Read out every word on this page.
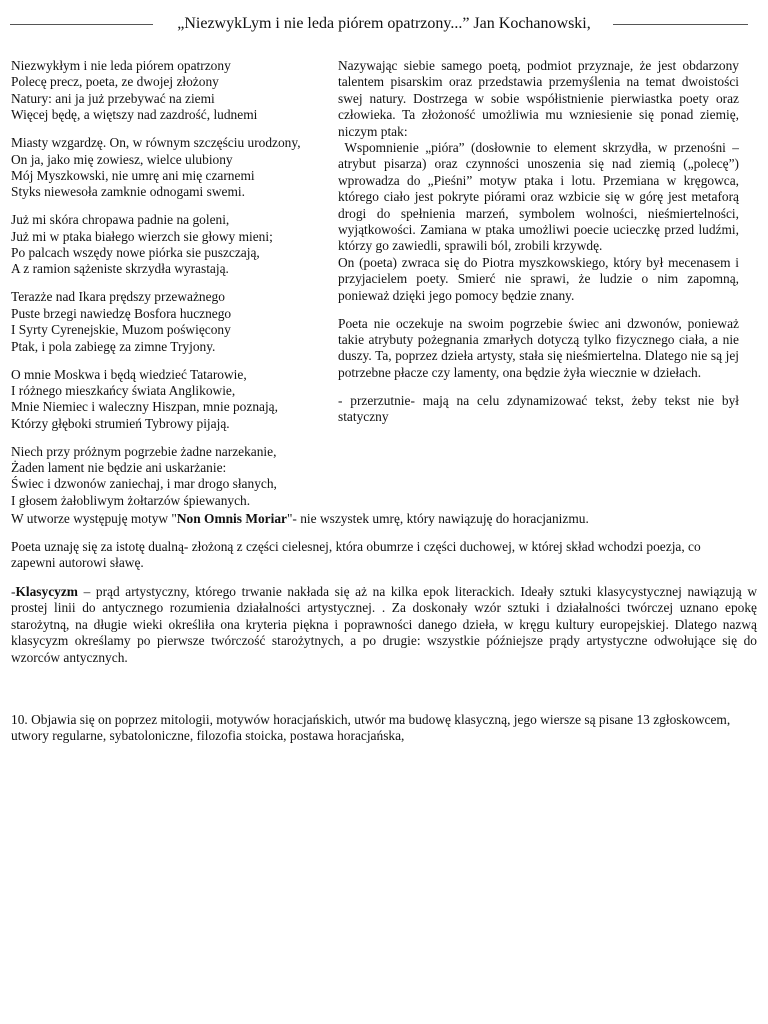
„NiezwykLym i nie leda piórem opatrzony...” Jan Kochanowski,
Niezwykłym i nie leda piórem opatrzony
Polecę precz, poeta, ze dwojej złożony
Natury: ani ja już przebywać na ziemi
Więcej będę, a więtszy nad zazdrość, ludnemi
Miasty wzgardzę. On, w równym szczęściu urodzony,
On ja, jako mię zowiesz, wielce ulubiony
Mój Myszkowski, nie umrę ani mię czarnemi
Styks niewesoła zamknie odnogami swemi.
Już mi skóra chropawa padnie na goleni,
Już mi w ptaka białego wierzch sie głowy mieni;
Po palcach wszędy nowe piórka sie puszczają,
A z ramion sążeniste skrzydła wyrastają.
Terazże nad Ikara prędszy przeważnego
Puste brzegi nawiedzę Bosfora hucznego
I Syrty Cyrenejskie, Muzom poświęcony
Ptak, i pola zabiegę za zimne Tryjony.
O mnie Moskwa i będą wiedzieć Tatarowie,
I różnego mieszkańcy świata Anglikowie,
Mnie Niemiec i waleczny Hiszpan, mnie poznają,
Którzy głęboki strumień Tybrowy pijają.
Niech przy próżnym pogrzebie żadne narzekanie,
Żaden lament nie będzie ani uskarżanie:
Świec i dzwonów zaniechaj, i mar drogo słanych,
I głosem żałobliwym żołtarzów śpiewanych.

Nazywając siebie samego poetą, podmiot przyznaje, że jest obdarzony talentem pisarskim oraz przedstawia przemyślenia na temat dwoistości swej natury. Dostrzega w sobie współistnienie pierwiastka poety oraz człowieka. Ta złożoność umożliwia mu wzniesienie się ponad ziemię, niczym ptak:

Wspomnienie „pióra” (dosłownie to element skrzydła, w przenośni – atrybut pisarza) oraz czynności unoszenia się nad ziemią („polecę”) wprowadza do „Pieśni” motyw ptaka i lotu. Przemiana w kręgowca, którego ciało jest pokryte piórami oraz wzbicie się w górę jest metaforą drogi do spełnienia marzeń, symbolem wolności, nieśmiertelności, wyjątkowości. Zamiana w ptaka umożliwi poecie ucieczkę przed ludźmi, którzy go zawiedli, sprawili ból, zrobili krzywdę.

On (poeta) zwraca się do Piotra myszkowskiego, który był mecenasem i przyjacielem poety. Smierć nie sprawi, że ludzie o nim zapomną, ponieważ dzięki jego pomocy będzie znany.

Poeta nie oczekuje na swoim pogrzebie świec ani dzwonów, ponieważ takie atrybuty pożegnania zmarłych dotyczą tylko fizycznego ciała, a nie duszy. Ta, poprzez dzieła artysty, stała się nieśmiertelna. Dlatego nie są jej potrzebne płacze czy lamenty, ona będzie żyła wiecznie w dziełach.

- przerzutnie- mają na celu zdynamizować tekst, żeby tekst nie był statyczny

W utworze występuję motyw "Non Omnis Moriar"- nie wszystek umrę, który nawiązuję do horacjanizmu.

Poeta uznaję się za istotę dualną- złożoną z części cielesnej, która obumrze i części duchowej, w której skład wchodzi poezja, co zapewni autorowi sławę.

-Klasycyzm – prąd artystyczny, którego trwanie nakłada się aż na kilka epok literackich. Ideały sztuki klasycystycznej nawiązują w prostej linii do antycznego rozumienia działalności artystycznej. . Za doskonały wzór sztuki i działalności twórczej uznano epokę starożytną, na długie wieki określiła ona kryteria piękna i poprawności danego dzieła, w kręgu kultury europejskiej. Dlatego nazwą klasycyzm określamy po pierwsze twórczość starożytnych, a po drugie: wszystkie późniejsze prądy artystyczne odwołujące się do wzorców antycznych.

10. Objawia się on poprzez mitologii, motywów horacjańskich, utwór ma budowę klasyczną, jego wiersze są pisane 13 zgłoskowcem, utwory regularne, sybatoloniczne, filozofia stoicka, postawa horacjańska,
